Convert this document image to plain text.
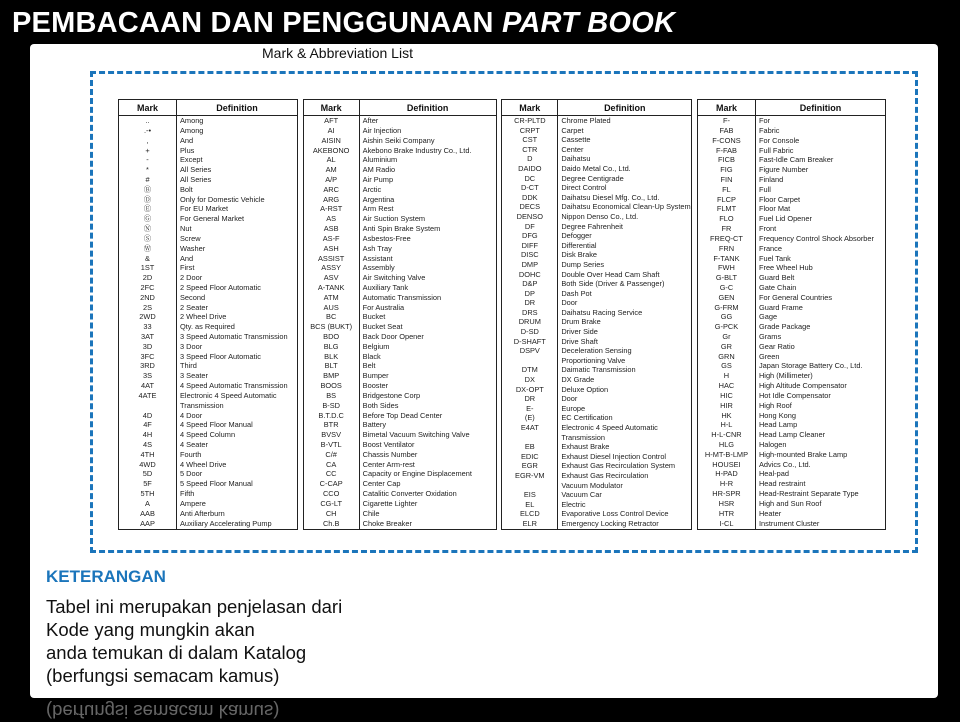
PEMBACAAN DAN PENGGUNAAN PART BOOK
Mark & Abbreviation List
Mark	Definition
..	Among
.-•	Among
,	And
+	Plus
-	Except
*	All Series
#	All Series
Ⓑ	Bolt
Ⓓ	Only for Domestic Vehicle
Ⓔ	For EU Market
Ⓖ	For General Market
Ⓝ	Nut
Ⓢ	Screw
Ⓦ	Washer
&	And
1ST	First
2D	2 Door
2FC	2 Speed Floor Automatic
2ND	Second
2S	2 Seater
2WD	2 Wheel Drive
33	Qty. as Required
3AT	3 Speed Automatic Transmission
3D	3 Door
3FC	3 Speed Floor Automatic
3RD	Third
3S	3 Seater
4AT	4 Speed Automatic Transmission
4ATE	Electronic 4 Speed Automatic
	Transmission
4D	4 Door
4F	4 Speed Floor Manual
4H	4 Speed Column
4S	4 Seater
4TH	Fourth
4WD	4 Wheel Drive
5D	5 Door
5F	5 Speed Floor Manual
5TH	Fifth
A	Ampere
AAB	Anti Afterburn
AAP	Auxiliary Accelerating Pump
Mark	Definition
AFT	After
AI	Air Injection
AISIN	Aishin Seiki Company
AKEBONO	Akebono Brake Industry Co., Ltd.
AL	Aluminium
AM	AM Radio
A/P	Air Pump
ARC	Arctic
ARG	Argentina
A-RST	Arm Rest
AS	Air Suction System
ASB	Anti Spin Brake System
AS-F	Asbestos-Free
ASH	Ash Tray
ASSIST	Assistant
ASSY	Assembly
ASV	Air Switching Valve
A-TANK	Auxiliary Tank
ATM	Automatic Transmission
AUS	For Australia
BC	Bucket
BCS (BUKT)	Bucket Seat
BDO	Back Door Opener
BLG	Belgium
BLK	Black
BLT	Belt
BMP	Bumper
BOOS	Booster
BS	Bridgestone Corp
B-SD	Both Sides
B.T.D.C	Before Top Dead Center
BTR	Battery
BVSV	Bimetal Vacuum Switching Valve
B-VTL	Boost Ventilator
C/#	Chassis Number
CA	Center Arm-rest
CC	Capacity or Engine Displacement
C-CAP	Center Cap
CCO	Catalitic Converter Oxidation
CG-LT	Cigarette Lighter
CH	Chile
Ch.B	Choke Breaker
Mark	Definition
CR-PLTD	Chrome Plated
CRPT	Carpet
CST	Cassette
CTR	Center
D	Daihatsu
DAIDO	Daido Metal Co., Ltd.
DC	Degree Centigrade
D-CT	Direct Control
DDK	Daihatsu Diesel Mfg. Co., Ltd.
DECS	Daihatsu Economical Clean-Up System
DENSO	Nippon Denso Co., Ltd.
DF	Degree Fahrenheit
DFG	Defogger
DIFF	Differential
DISC	Disk Brake
DMP	Dump Series
DOHC	Double Over Head Cam Shaft
D&P	Both Side (Driver & Passenger)
DP	Dash Pot
DR	Door
DRS	Daihatsu Racing Service
DRUM	Drum Brake
D-SD	Driver Side
D-SHAFT	Drive Shaft
DSPV	Deceleration Sensing
	Proportioning Valve
DTM	Daimatic Transmission
DX	DX Grade
DX-OPT	Deluxe Option
DR	Door
E-	Europe
(E)	EC Certification
E4AT	Electronic 4 Speed Automatic
	Transmission
EB	Exhaust Brake
EDIC	Exhaust Diesel Injection Control
EGR	Exhaust Gas Recirculation System
EGR-VM	Exhaust Gas Recirculation
	Vacuum Modulator
EIS	Vacuum Car
EL	Electric
ELCD	Evaporative Loss Control Device
ELR	Emergency Locking Retractor
Mark	Definition
F-	For
FAB	Fabric
F-CONS	For Console
F-FAB	Full Fabric
FICB	Fast-Idle Cam Breaker
FIG	Figure Number
FIN	Finland
FL	Full
FLCP	Floor Carpet
FLMT	Floor Mat
FLO	Fuel Lid Opener
FR	Front
FREQ-CT	Frequency Control Shock Absorber
FRN	France
F-TANK	Fuel Tank
FWH	Free Wheel Hub
G-BLT	Guard Belt
G-C	Gate Chain
GEN	For General Countries
G-FRM	Guard Frame
GG	Gage
G-PCK	Grade Package
Gr	Grams
GR	Gear Ratio
GRN	Green
GS	Japan Storage Battery Co., Ltd.
H	High (Millimeter)
HAC	High Altitude Compensator
HIC	Hot Idle Compensator
HIR	High Roof
HK	Hong Kong
H-L	Head Lamp
H-L-CNR	Head Lamp Cleaner
HLG	Halogen
H-MT-B-LMP	High-mounted Brake Lamp
HOUSEI	Advics Co., Ltd.
H-PAD	Heal-pad
H-R	Head restraint
HR-SPR	Head-Restraint Separate Type
HSR	High and Sun Roof
HTR	Heater
I-CL	Instrument Cluster
KETERANGAN
Tabel ini merupakan penjelasan dari
Kode yang mungkin akan
anda temukan di dalam Katalog
(berfungsi semacam kamus)
(berfungsi semacam kamus)
